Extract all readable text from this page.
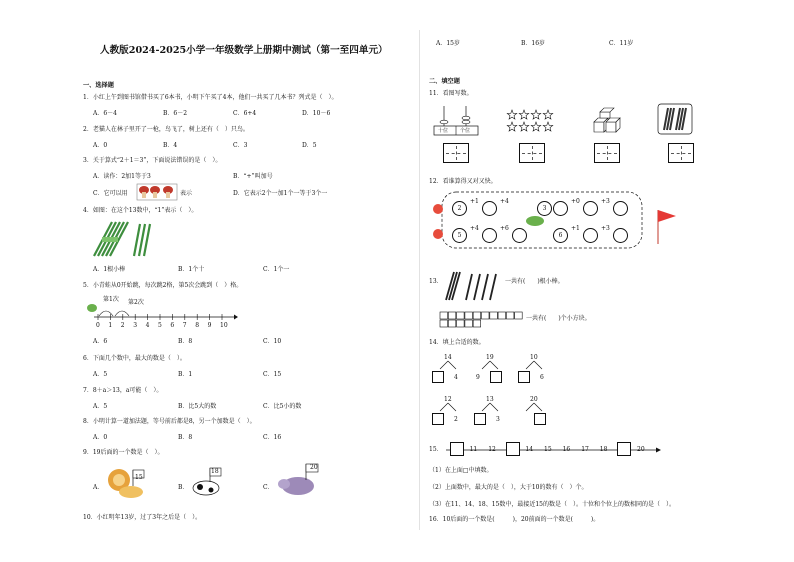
人教版2024-2025小学一年级数学上册期中测试（第一至四单元）
一、选择题
1．小红上午到图书馆借书买了6本书，小明下午买了4本，他们一共买了几本书？列式是（　）。
A．6－4	B．6－2	C．6+4	D．10－6
2．老猫人在林子里开了一枪，鸟飞了，树上还有（　）只鸟。
A．0	B．4	C．3	D．5
3．关于算式“2＋1＝3”，下面说法错误的是（　）。
A．读作：2加1等于3	B．“+”叫加号
C．它可以用	表示	D．它表示2个一加1个一等于3个一
4．如图：在这个13数中，“1”表示（　）。
A．1根小棒	B．1个十	C．1个一
5．小青蛙从0开始跳，每次跳2格，第5次会跳到（　）格。
第1次 第2次
0 1 2 3 4 5 6 7 8 9 10
A．6	B．8	C．10
6．下面几个数中，最大的数是（　）。
A．5	B．1	C．15
7．8＋a＞13，a可能（　）。
A．5	B．比5大的数	C．比5小的数
8．小明计算一道加法题，等号前后都是8，另一个加数是（　）。
A．0	B．8	C．16
9．19后面的一个数是（　）。
A．
15
B．
18
C．
20
10．小红明年13岁，过了3年之后是（　）。
A．15岁	B．16岁	C．11岁
二、填空题
11．看图写数。
十位 个位
12．看谁算得又对又快。
2
+1	+4	+0	+3
3
5
+4	+6	+1	+3
6
13．	一共有(　　)根小棒。
一共有(　　)个小方块。
14．填上合适的数。
14
4
19
9
10
6
12
2
13
3
20
15．	11 12	14 15 16 17 18	20
（1）在上面□中填数。
（2）上面数中，最大的是（　），大于10的数有（　）个。
（3）在11、14、18、15数中，最接近15的数是（　）。十位和个位上的数相同的是（　）。
16．10后面的一个数是(　　　)，20前面的一个数是(　　　)。
